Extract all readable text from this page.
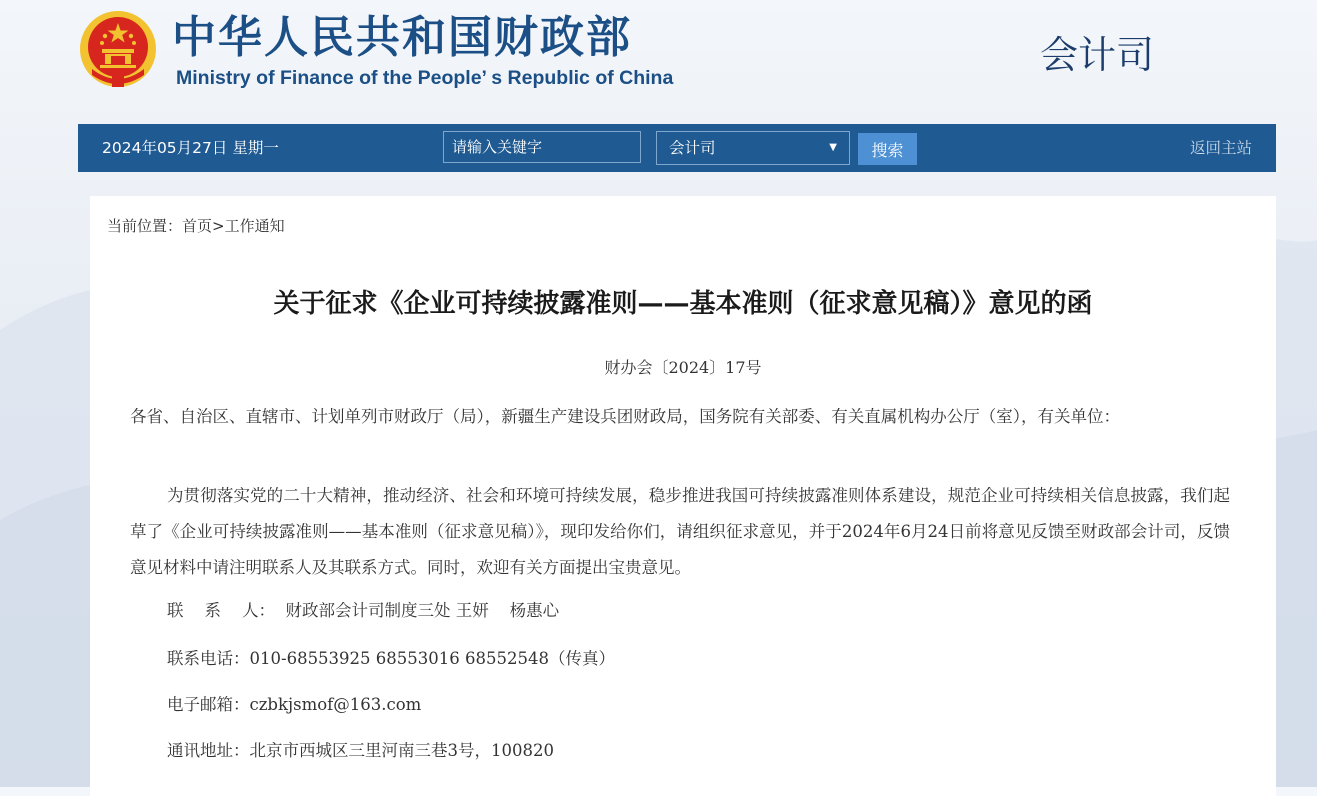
中华人民共和国财政部
Ministry of Finance of the People’ s Republic of China
会计司
2024年05月27日 星期一
请输入关键字	会计司	▼	搜索	返回主站
当前位置：首页>工作通知
关于征求《企业可持续披露准则——基本准则（征求意见稿）》意见的函
财办会〔2024〕17号

各省、自治区、直辖市、计划单列市财政厅（局），新疆生产建设兵团财政局，国务院有关部委、有关直属机构办公厅（室），有关单位：

为贯彻落实党的二十大精神，推动经济、社会和环境可持续发展，稳步推进我国可持续披露准则体系建设，规范企业可持续相关信息披露，我们起草了《企业可持续披露准则——基本准则（征求意见稿）》，现印发给你们，请组织征求意见，并于2024年6月24日前将意见反馈至财政部会计司，反馈意见材料中请注明联系人及其联系方式。同时，欢迎有关方面提出宝贵意见。

联    系    人：  财政部会计司制度三处 王妍    杨惠心

联系电话：010-68553925 68553016 68552548（传真）

电子邮箱：czbkjsmof@163.com

通讯地址：北京市西城区三里河南三巷3号，100820
